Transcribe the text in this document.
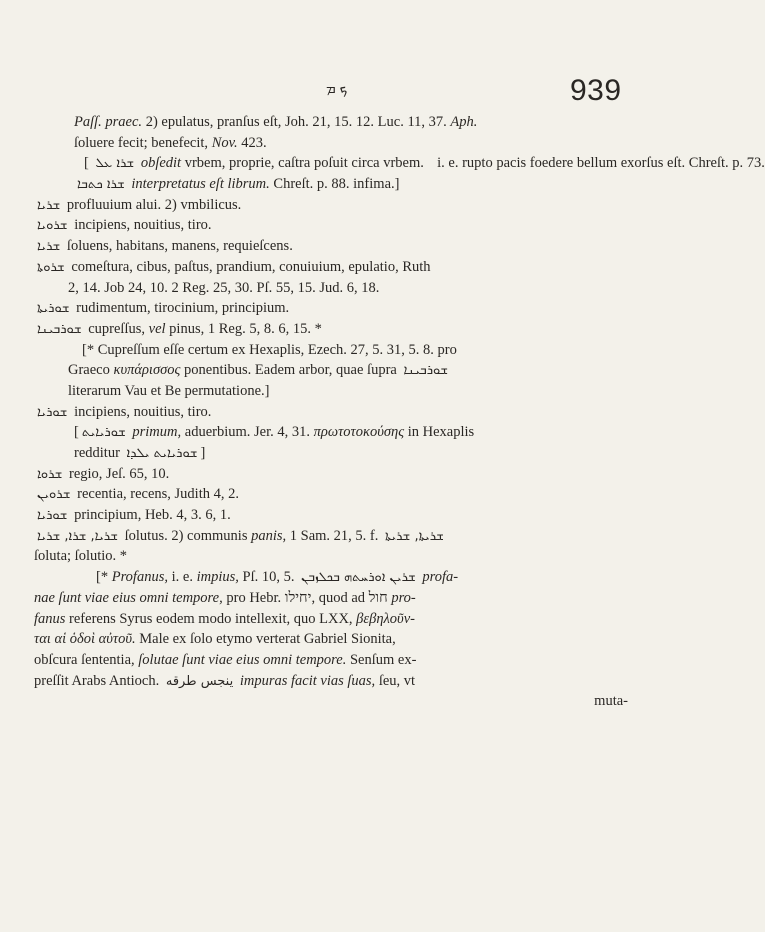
ܟ ܡ	939
Paſſ. praec. 2) epulatus, pranſus eſt, Joh. 21, 15. 12. Luc. 11, 37. Aph.
ſoluere fecit; benefecit, Nov. 423.
[ ܫܪܐ ܥܠ obſedit vrbem, proprie, caſtra poſuit circa vrbem.  i. e. rupto pacis foedere bellum exorſus eſt. Chreſt. p. 73.
ܫܪܐ ܟܬܒܐ interpretatus eſt librum. Chreſt. p. 88. infima.]
ܫܪܝܐ profluuium alui. 2) vmbilicus.
ܫܪܘܝܐ incipiens, nouitius, tiro.
ܫܪܝܐ ſoluens, habitans, manens, requieſcens.
ܫܪܘܬܐ comeſtura, cibus, paſtus, prandium, conuiuium, epulatio, Ruth
2, 14. Job 24, 10. 2 Reg. 25, 30. Pſ. 55, 15. Jud. 6, 18.
ܫܘܪܝܬܐ rudimentum, tirocinium, principium.
ܫܘܪܒܝܢܐ cupreſſus, vel pinus, 1 Reg. 5, 8. 6, 15. *
[* Cupreſſum eſſe certum ex Hexaplis, Ezech. 27, 5. 31, 5. 8. pro
Graeco κυπάρισσος ponentibus. Eadem arbor, quae ſupra ܫܘܪܒܝܢܐ
literarum Vau et Be permutatione.]
ܫܘܪܝܐ incipiens, nouitius, tiro.
[ ܫܘܪܝܐܝܬ primum, aduerbium. Jer. 4, 31. πρωτοτοκούσης in Hexaplis
redditur ܫܘܪܝܐܝܬ ܝܠܕܐ ]
ܫܪܘܐ regio, Jeſ. 65, 10.
ܫܪܘܝܢ recentia, recens, Judith 4, 2.
ܫܘܪܝܐ principium, Heb. 4, 3. 6, 1.
ܫܪܝܐ, ܫܪܐ, ܫܪܝܐ ſolutus. 2) communis panis, 1 Sam. 21, 5. f. ܫܪܝܬܐ, ܫܪܝܬܐ
ſoluta; ſolutio. *
[* Profanus, i. e. impius, Pſ. 10, 5. ܫܪܝܢ ܐܘܪܚܬܗ ܒܟܠܙܒܢ profa-
nae ſunt viae eius omni tempore, pro Hebr. יחילו, quod ad חול pro-
fanus referens Syrus eodem modo intellexit, quo LXX, βεβηλοῦν-
ται αἱ ὁδοὶ αὐτοῦ. Male ex ſolo etymo verterat Gabriel Sionita,
obſcura ſententia, ſolutae ſunt viae eius omni tempore. Senſum ex-
preſſit Arabs Antioch. ينجس طرقه impuras facit vias ſuas, ſeu, vt
muta-
